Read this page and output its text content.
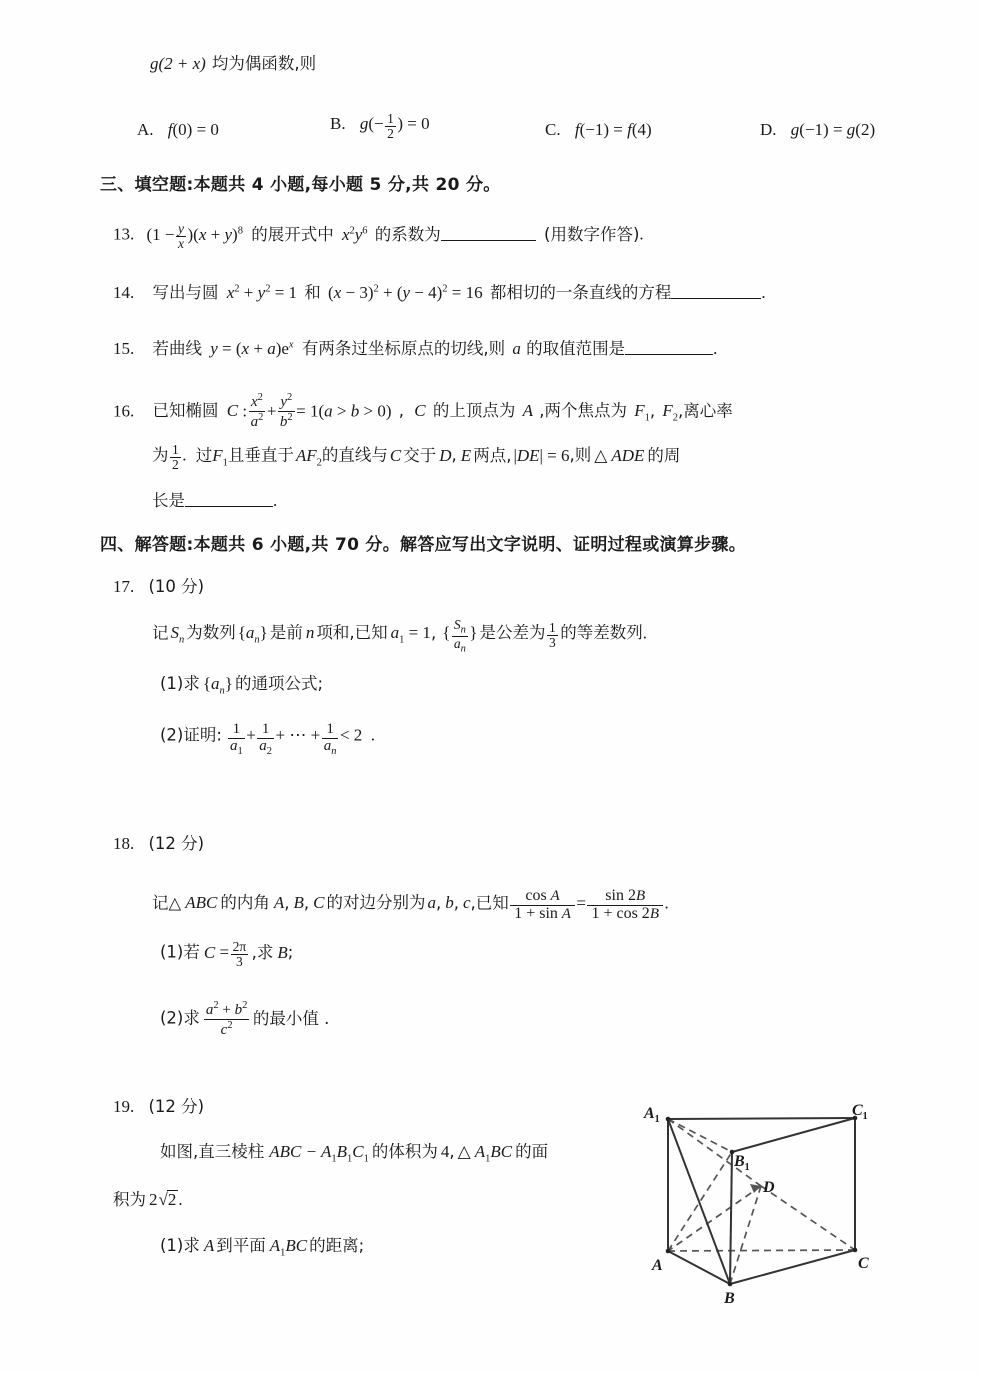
g(2 + x) 均为偶函数,则
A. f(0) = 0	B. $g(- \frac{1}{2}$ ) = 0	C. f(−1) = f(4)	D. g(−1) = g(2)
三、填空题:本题共 4 小题,每小题 5 分,共 20 分。
13. $(1 - \frac{y}{x} )(x + y)^8$ 的展开式中 $x^2y^6$ 的系数为	(用数字作答).
14. 写出与圆 $x^2 + y^2 = 1$ 和 $(x - 3)^2 + (y - 4)^2 = 16$ 都相切的一条直线的方程	.
15. 若曲线 $y = (x + a)e^x$ 有两条过坐标原点的切线,则 a 的取值范围是	.
16. 已知椭圆 C : $\frac{x^2}{a^2} + \frac{y^2}{b^2} = 1(a > b > 0)$ , C 的上顶点为 A ,两个焦点为 $F_1$, $F_2$,离心率
为 $\frac{1}{2}$ . 过$F_1$且垂直于 $AF_2$的直线与 C 交于 D, E 两点, |DE| = 6,则 △ ADE 的周
长是	.
四、解答题:本题共 6 小题,共 70 分。解答应写出文字说明、证明过程或演算步骤。
17. (10 分)
记 $S_n$ 为数列 $\{a_n\}$ 是前 n 项和,已知 $a_1 = 1$, { $\frac{S_n}{a_n}$ } 是公差为 $\frac{1}{3}$ 的等差数列.
(1)求 $\{a_n\}$ 的通项公式;
(2)证明: $\frac{1}{a_1} + \frac{1}{a_2}$ + ⋯ + $\frac{1}{a_n} < 2$  .
18. (12 分)
记△ ABC 的内角 A, B, C 的对边分别为 a, b, c,已知 $\frac{\text{cos A}}{\text{1 + sin A}} = \frac{\sin 2B}{1 + \cos 2B}$ .
(1)若 $C = \frac{2\pi}{3}$ ,求 B;
(2)求 $\frac{a^2 + b^2}{c^2}$ 的最小值 .
19. (12 分)
如图,直三棱柱 ABC − $A_1B_1C_1$ 的体积为 4, △ $A_1BC$ 的面
积为 2√2 .
(1)求 A 到平面 $A_1BC$ 的距离;
$A_1$
$C_1$
$B_1$
D
A	C
B
